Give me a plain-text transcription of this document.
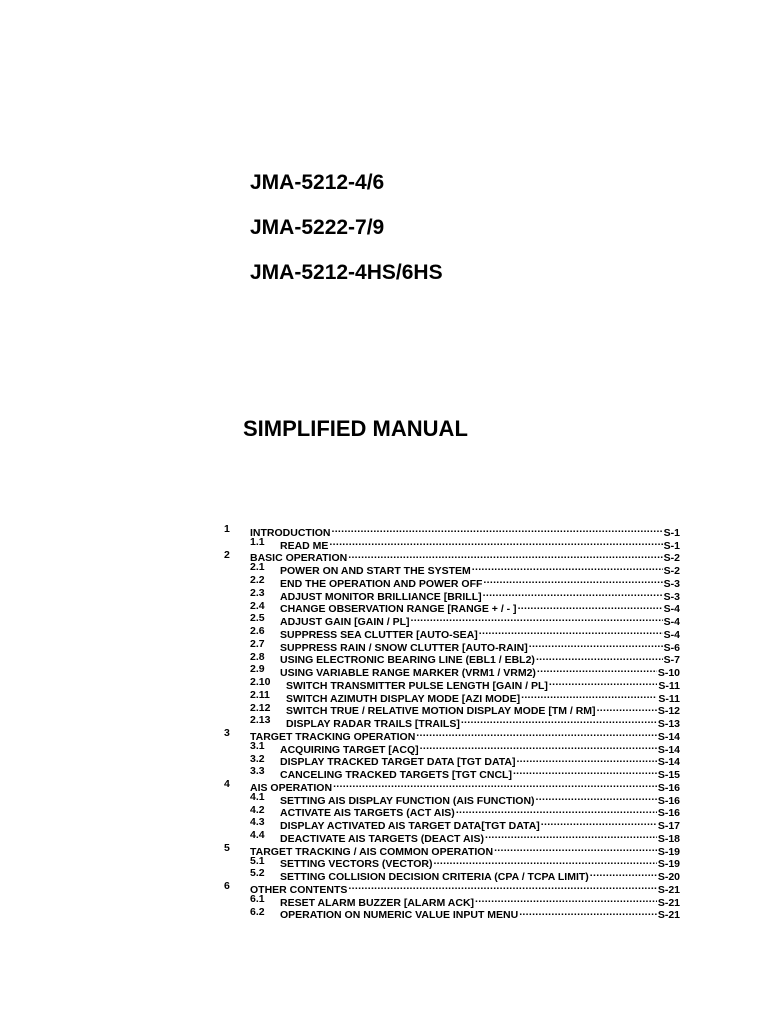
JMA-5212-4/6
JMA-5222-7/9
JMA-5212-4HS/6HS
SIMPLIFIED MANUAL
1 INTRODUCTION .....	S-1
1.1 READ ME .....	S-1
2 BASIC OPERATION .....	S-2
2.1 POWER ON AND START THE SYSTEM .....	S-2
2.2 END THE OPERATION AND POWER OFF .....	S-3
2.3 ADJUST MONITOR BRILLIANCE [BRILL] .....	S-3
2.4 CHANGE OBSERVATION RANGE [RANGE + / - ] .....	S-4
2.5 ADJUST GAIN [GAIN / PL] .....	S-4
2.6 SUPPRESS SEA CLUTTER [AUTO-SEA] .....	S-4
2.7 SUPPRESS RAIN / SNOW CLUTTER [AUTO-RAIN] .....	S-6
2.8 USING ELECTRONIC BEARING LINE (EBL1 / EBL2) .....	S-7
2.9 USING VARIABLE RANGE MARKER (VRM1 / VRM2) .....	S-10
2.10 SWITCH TRANSMITTER PULSE LENGTH [GAIN / PL] .....	S-11
2.11 SWITCH AZIMUTH DISPLAY MODE [AZI MODE] .....	S-11
2.12 SWITCH TRUE / RELATIVE MOTION DISPLAY MODE [TM / RM] .....	S-12
2.13 DISPLAY RADAR TRAILS [TRAILS] .....	S-13
3 TARGET TRACKING OPERATION .....	S-14
3.1 ACQUIRING TARGET [ACQ] .....	S-14
3.2 DISPLAY TRACKED TARGET DATA [TGT DATA] .....	S-14
3.3 CANCELING TRACKED TARGETS [TGT CNCL] .....	S-15
4 AIS OPERATION .....	S-16
4.1 SETTING AIS DISPLAY FUNCTION (AIS FUNCTION) .....	S-16
4.2 ACTIVATE AIS TARGETS (ACT AIS) .....	S-16
4.3 DISPLAY ACTIVATED AIS TARGET DATA[TGT DATA] .....	S-17
4.4 DEACTIVATE AIS TARGETS (DEACT AIS) .....	S-18
5 TARGET TRACKING / AIS COMMON OPERATION .....	S-19
5.1 SETTING VECTORS (VECTOR) .....	S-19
5.2 SETTING COLLISION DECISION CRITERIA (CPA / TCPA LIMIT) .....	S-20
6 OTHER CONTENTS .....	S-21
6.1 RESET ALARM BUZZER [ALARM ACK] .....	S-21
6.2 OPERATION ON NUMERIC VALUE INPUT MENU .....	S-21
